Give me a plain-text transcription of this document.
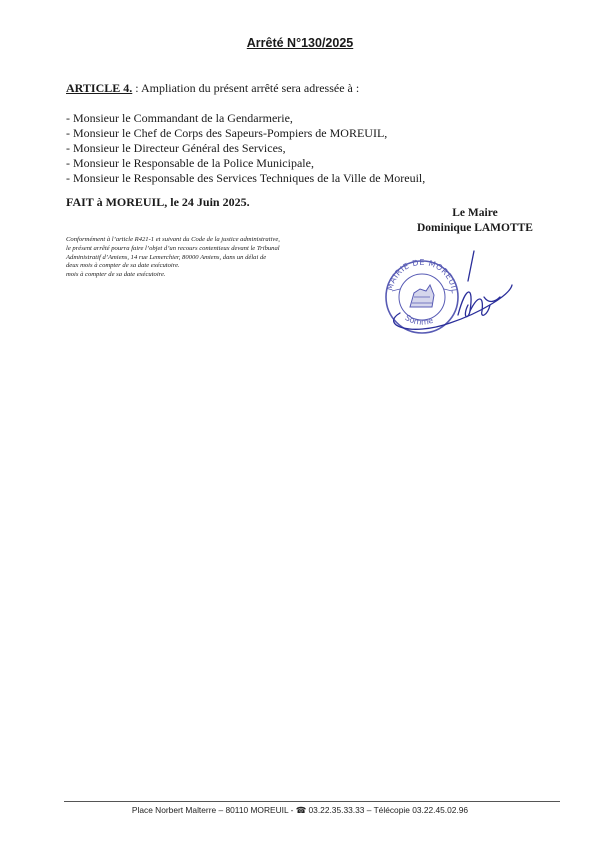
Arrêté N°130/2025
ARTICLE 4. : Ampliation du présent arrêté sera adressée à :
- Monsieur le Commandant de la Gendarmerie,
- Monsieur le Chef de Corps des Sapeurs-Pompiers de MOREUIL,
- Monsieur le Directeur Général des Services,
- Monsieur le Responsable de la Police Municipale,
- Monsieur le Responsable des Services Techniques de la Ville de Moreuil,
FAIT à MOREUIL, le 24 Juin 2025.
Le Maire
Dominique LAMOTTE
Conformément à l’article R421-1 et suivant du Code de la justice administrative,
le présent arrêté pourra faire l’objet d’un recours contentieux devant le Tribunal
Administratif d’Amiens, 14 rue Lemerchier, 80000 Amiens, dans un délai de
deux mois à compter de sa date exécutoire.
mois à compter de sa date exécutoire.
MAIRIE DE MOREUIL
Somme
Place Norbert Malterre – 80110 MOREUIL - ☎ 03.22.35.33.33 – Télécopie 03.22.45.02.96
